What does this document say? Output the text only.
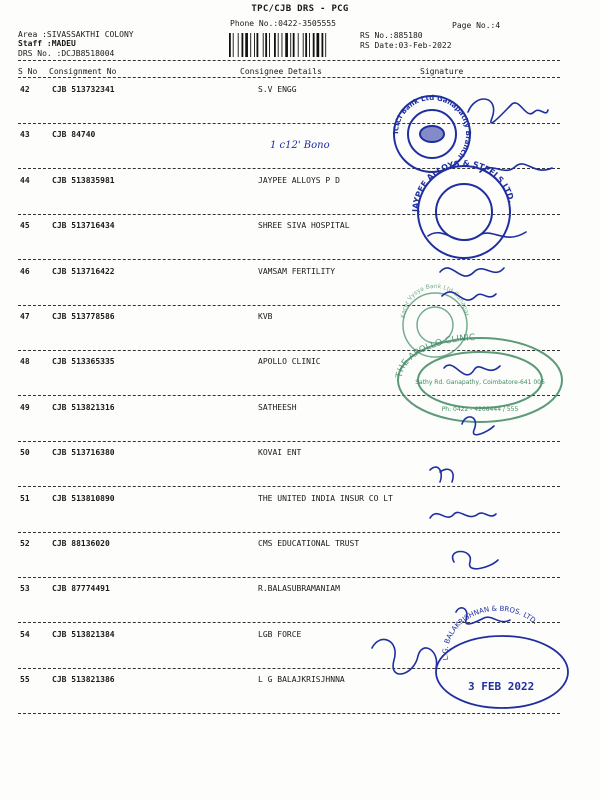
TPC/CJB DRS - PCG
Phone No.:0422-3505555	Page No.:4
Area :SIVASSAKTHI COLONY
Staff :MADEU
DRS No. :DCJB8518004
RS No.:885180
RS Date:03-Feb-2022
S No Consignment No	Consignee Details	Signature
42	CJB 513732341	S.V ENGG
43	CJB 84740
44	CJB 513835981	JAYPEE ALLOYS P D
45	CJB 513716434	SHREE SIVA HOSPITAL
46	CJB 513716422	VAMSAM FERTILITY
47	CJB 513778586	KVB
48	CJB 513365335	APOLLO CLINIC
49	CJB 513821316	SATHEESH
50	CJB 513716380	KOVAI ENT
51	CJB 513810890	THE UNITED INDIA INSUR CO LT
52	CJB 88136020	CMS EDUCATIONAL TRUST
53	CJB 87774491	R.BALASUBRAMANIAM
54	CJB 513821384	LGB FORCE
55	CJB 513821386	L G BALAJKRISJHNNA
1 c12' Bono
ICICI Bank Ltd Ganapathy Branch
JAYPEE ALLOYS & STEELS LTD.
Karur Vysya Bank Ltd Ganapat
THE APOLLO CLINIC
Sathy Rd. Ganapathy, Coimbatore-641 006
Ph: 0422 - 4208444 / 555
L.G. BALAKRISHNAN & BROS. LTD.
3 FEB 2022
